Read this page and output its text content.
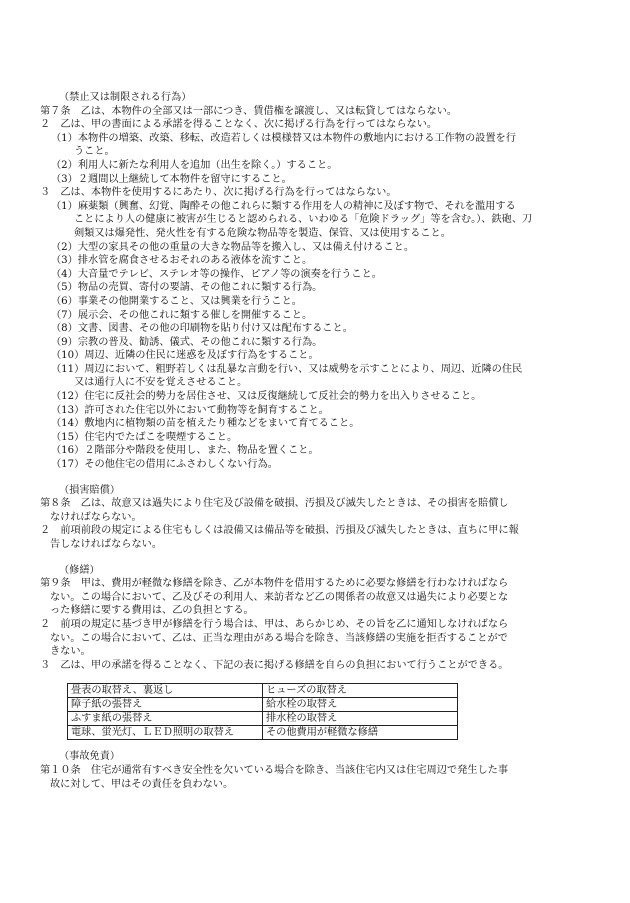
（禁止又は制限される行為）
第７条　乙は、本物件の全部又は一部につき、賃借権を譲渡し、又は転貸してはならない。
２　乙は、甲の書面による承諾を得ることなく、次に掲げる行為を行ってはならない。
（1）本物件の増築、改築、移転、改造若しくは模様替又は本物件の敷地内における工作物の設置を行
うこと。
（2）利用人に新たな利用人を追加（出生を除く。）すること。
（3）２週間以上継続して本物件を留守にすること。
３　乙は、本物件を使用するにあたり、次に掲げる行為を行ってはならない。
（1）麻薬類（興奮、幻覚、陶酔その他これらに類する作用を人の精神に及ぼす物で、それを濫用する
ことにより人の健康に被害が生じると認められる、いわゆる「危険ドラッグ」等を含む。）、鉄砲、刀
剣類又は爆発性、発火性を有する危険な物品等を製造、保管、又は使用すること。
（2）大型の家具その他の重量の大きな物品等を搬入し、又は備え付けること。
（3）排水管を腐食させるおそれのある液体を流すこと。
（4）大音量でテレビ、ステレオ等の操作、ピアノ等の演奏を行うこと。
（5）物品の売買、寄付の要請、その他これに類する行為。
（6）事業その他開業すること、又は興業を行うこと。
（7）展示会、その他これに類する催しを開催すること。
（8）文書、図書、その他の印刷物を貼り付け又は配布すること。
（9）宗教の普及、勧誘、儀式、その他これに類する行為。
（10）周辺、近隣の住民に迷惑を及ぼす行為をすること。
（11）周辺において、粗野若しくは乱暴な言動を行い、又は威勢を示すことにより、周辺、近隣の住民
又は通行人に不安を覚えさせること。
（12）住宅に反社会的勢力を居住させ、又は反復継続して反社会的勢力を出入りさせること。
（13）許可された住宅以外において動物等を飼育すること。
（14）敷地内に植物類の苗を植えたり種などをまいて育てること。
（15）住宅内でたばこを喫煙すること。
（16）２階部分や階段を使用し、また、物品を置くこと。
（17）その他住宅の借用にふさわしくない行為。
（損害賠償）
第８条　乙は、故意又は過失により住宅及び設備を破損、汚損及び滅失したときは、その損害を賠償し
なければならない。
２　前項前段の規定による住宅もしくは設備又は備品等を破損、汚損及び滅失したときは、直ちに甲に報
告しなければならない。
（修繕）
第９条　甲は、費用が軽微な修繕を除き、乙が本物件を借用するために必要な修繕を行わなければなら
ない。この場合において、乙及びその利用人、来訪者など乙の関係者の故意又は過失により必要とな
った修繕に要する費用は、乙の負担とする。
２　前項の規定に基づき甲が修繕を行う場合は、甲は、あらかじめ、その旨を乙に通知しなければなら
ない。この場合において、乙は、正当な理由がある場合を除き、当該修繕の実施を拒否することがで
きない。
３　乙は、甲の承諾を得ることなく、下記の表に掲げる修繕を自らの負担において行うことができる。
畳表の取替え、裏返し	ヒューズの取替え
障子紙の張替え	給水栓の取替え
ふすま紙の張替え	排水栓の取替え
電球、蛍光灯、ＬＥＤ照明の取替え	その他費用が軽微な修繕
（事故免責）
第１０条　住宅が通常有すべき安全性を欠いている場合を除き、当該住宅内又は住宅周辺で発生した事
故に対して、甲はその責任を負わない。
